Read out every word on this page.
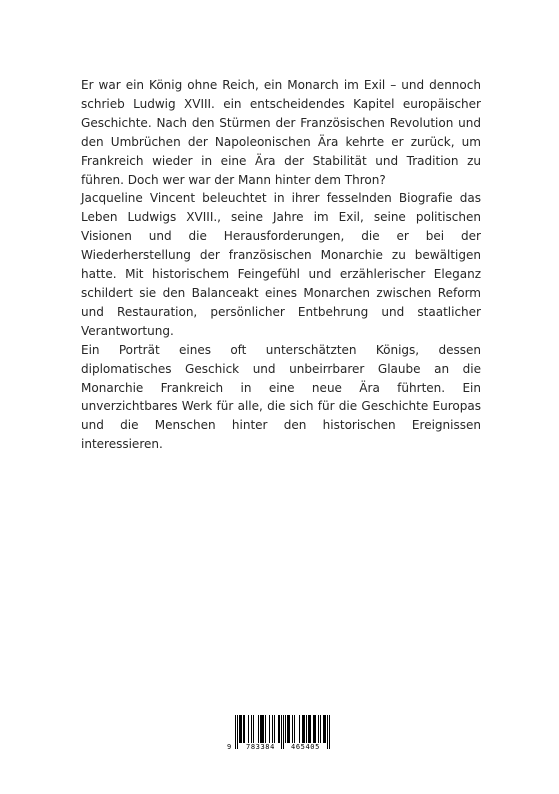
Er war ein König ohne Reich, ein Monarch im Exil – und dennoch schrieb Ludwig XVIII. ein entscheidendes Kapitel europäischer Geschichte. Nach den Stürmen der Französischen Revolution und den Umbrüchen der Napoleonischen Ära kehrte er zurück, um Frankreich wieder in eine Ära der Stabilität und Tradition zu führen. Doch wer war der Mann hinter dem Thron?

Jacqueline Vincent beleuchtet in ihrer fesselnden Biografie das Leben Ludwigs XVIII., seine Jahre im Exil, seine politischen Visionen und die Herausforderungen, die er bei der Wiederherstellung der französischen Monarchie zu bewältigen hatte. Mit historischem Feingefühl und erzählerischer Eleganz schildert sie den Balanceakt eines Monarchen zwischen Reform und Restauration, persönlicher Entbehrung und staatlicher Verantwortung.

Ein Porträt eines oft unterschätzten Königs, dessen diplomatisches Geschick und unbeirrbarer Glaube an die Monarchie Frankreich in eine neue Ära führten. Ein unverzichtbares Werk für alle, die sich für die Geschichte Europas und die Menschen hinter den historischen Ereignissen interessieren.

9 783384 465405
